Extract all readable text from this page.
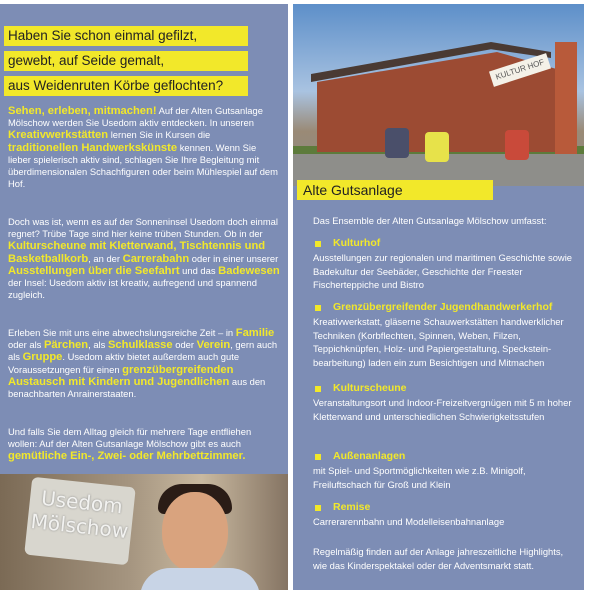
Haben Sie schon einmal gefilzt,
gewebt, auf Seide gemalt,
aus Weidenruten Körbe geflochten?

Sehen, erleben, mitmachen! Auf der Alten Gutsanlage Mölschow werden Sie Usedom aktiv entdecken. In unseren Kreativwerkstätten lernen Sie in Kursen die traditionellen Handwerkskünste kennen. Wenn Sie lieber spielerisch aktiv sind, schlagen Sie Ihre Begleitung mit überdimensionalen Schachfiguren oder beim Mühlespiel auf dem Hof.

Doch was ist, wenn es auf der Sonneninsel Usedom doch einmal regnet? Trübe Tage sind hier keine trüben Stunden. Ob in der Kulturscheune mit Kletterwand, Tischtennis und Basketballkorb, an der Carrerabahn oder in einer unserer Ausstellungen über die Seefahrt und das Badewesen der Insel: Usedom aktiv ist kreativ, aufregend und spannend zugleich.

Erleben Sie mit uns eine abwechslungsreiche Zeit – in Familie oder als Pärchen, als Schulklasse oder Verein, gern auch als Gruppe. Usedom aktiv bietet außerdem auch gute Voraussetzungen für einen grenzübergreifenden Austausch mit Kindern und Jugendlichen aus den benachbarten Anrainerstaaten.

Und falls Sie dem Alltag gleich für mehrere Tage entfliehen wollen: Auf der Alten Gutsanlage Mölschow gibt es auch gemütliche Ein-, Zwei- oder Mehrbettzimmer.

Usedom Mölschow
KULTUR HOF
Alte Gutsanlage

Das Ensemble der Alten Gutsanlage Mölschow umfasst:

Kulturhof

Ausstellungen zur regionalen und maritimen Geschichte sowie Badekultur der Seebäder, Geschichte der Freester Fischerteppiche und Bistro

Grenzübergreifender Jugendhandwerkerhof

Kreativwerkstatt, gläserne Schauwerkstätten handwerklicher Techniken (Korbflechten, Spinnen, Weben, Filzen, Teppichknüpfen, Holz- und Papiergestaltung, Specksteinbearbeitung) laden ein zum Besichtigen und Mitmachen

Kulturscheune

Veranstaltungsort und Indoor-Freizeitvergnügen mit 5 m hoher Kletterwand und unterschiedlichen Schwierigkeitsstufen

Außenanlagen

mit Spiel- und Sportmöglichkeiten wie z.B. Minigolf, Freiluftschach für Groß und Klein

Remise

Carrerarennbahn und Modelleisenbahnanlage

Regelmäßig finden auf der Anlage jahreszeitliche Highlights, wie das Kinderspektakel oder der Adventsmarkt statt.
